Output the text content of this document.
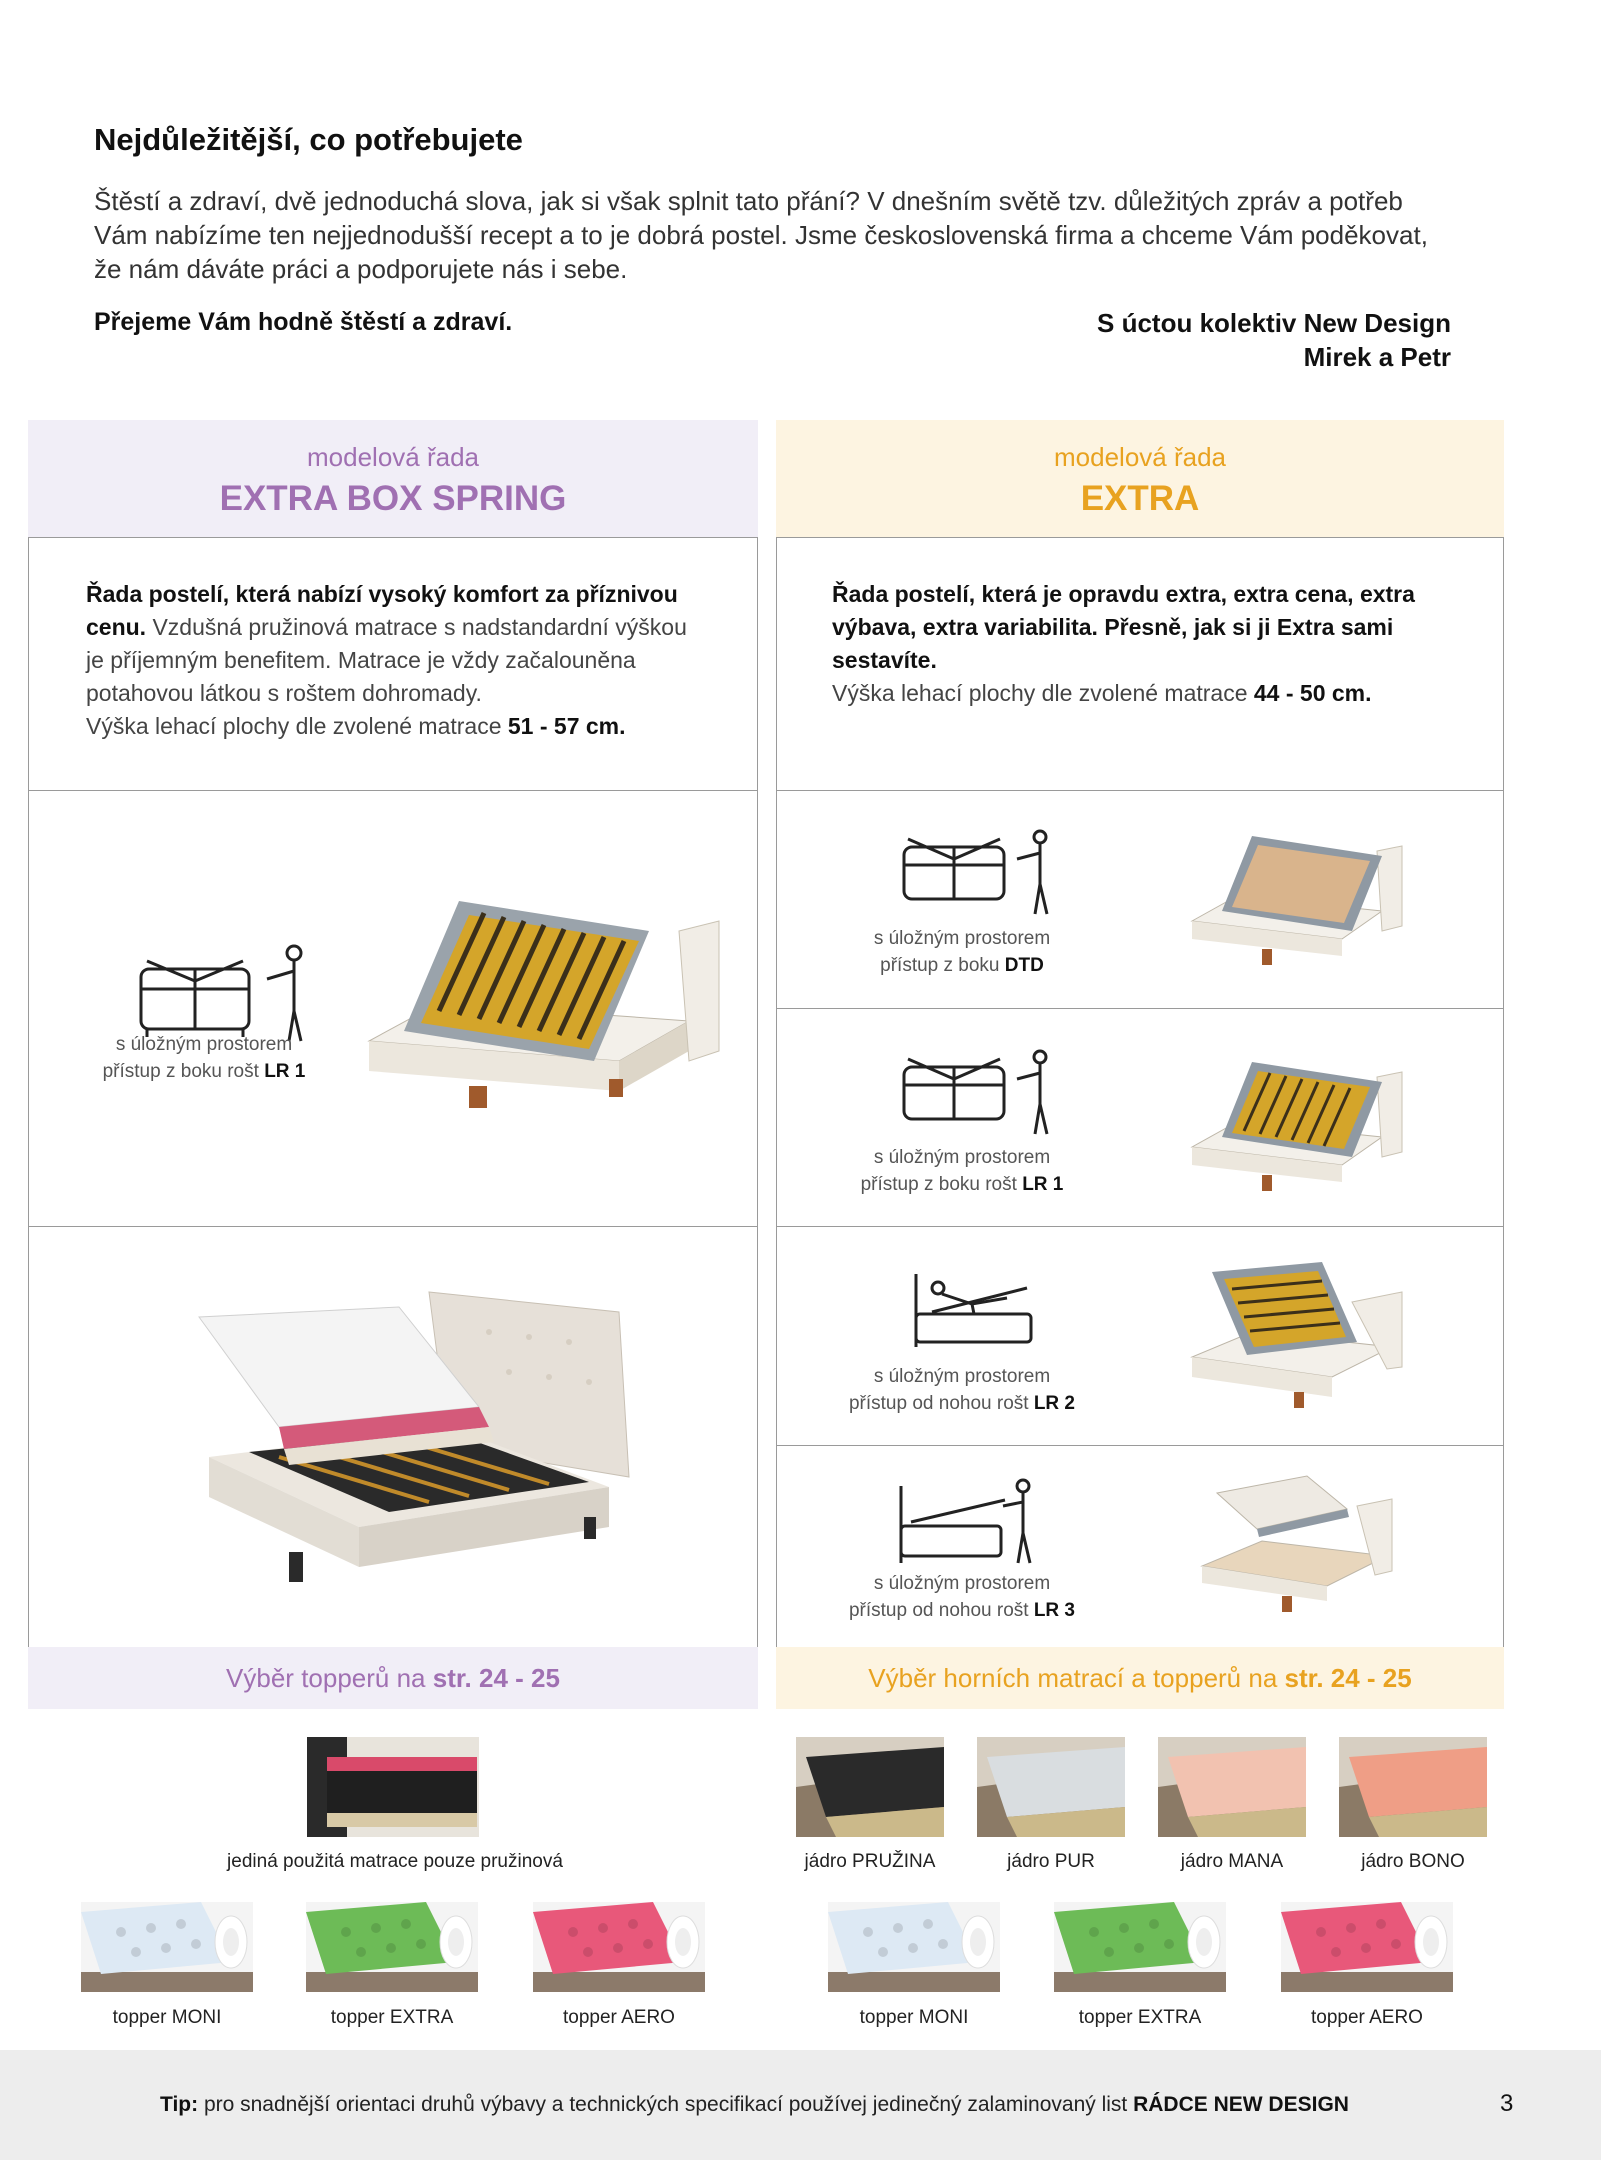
Nejdůležitější, co potřebujete
Štěstí a zdraví, dvě jednoduchá slova, jak si však splnit tato přání? V dnešním světě tzv. důležitých zpráv a potřeb
Vám nabízíme ten nejjednodušší recept a to je dobrá postel. Jsme československá firma a chceme Vám poděkovat,
že nám dáváte práci a podporujete nás i sebe.
Přejeme Vám hodně štěstí a zdraví.	S úctou kolektiv New Design
Mirek a Petr
modelová řada
EXTRA BOX SPRING
Řada postelí, která nabízí vysoký komfort za příznivou cenu. Vzdušná pružinová matrace s nadstandardní výškou je příjemným benefitem. Matrace je vždy začalouněna potahovou látkou s roštem dohromady.
Výška lehací plochy dle zvolené matrace 51 - 57 cm.
s úložným prostorem
přístup z boku rošt LR 1
modelová řada
EXTRA
Řada postelí, která je opravdu extra, extra cena, extra výbava, extra variabilita. Přesně, jak si ji Extra sami sestavíte.
Výška lehací plochy dle zvolené matrace 44 - 50 cm.
s úložným prostorem
přístup z boku DTD
s úložným prostorem
přístup z boku rošt LR 1
s úložným prostorem
přístup od nohou rošt LR 2
s úložným prostorem
přístup od nohou rošt LR 3
Výběr topperů na str. 24 - 25	Výběr horních matrací a topperů na str. 24 - 25
jediná použitá matrace pouze pružinová
topper MONI	topper EXTRA	topper AERO
jádro PRUŽINA	jádro PUR	jádro MANA	jádro BONO
topper MONI	topper EXTRA	topper AERO
Tip: pro snadnější orientaci druhů výbavy a technických specifikací používej jedinečný zalaminovaný list RÁDCE NEW DESIGN	3
